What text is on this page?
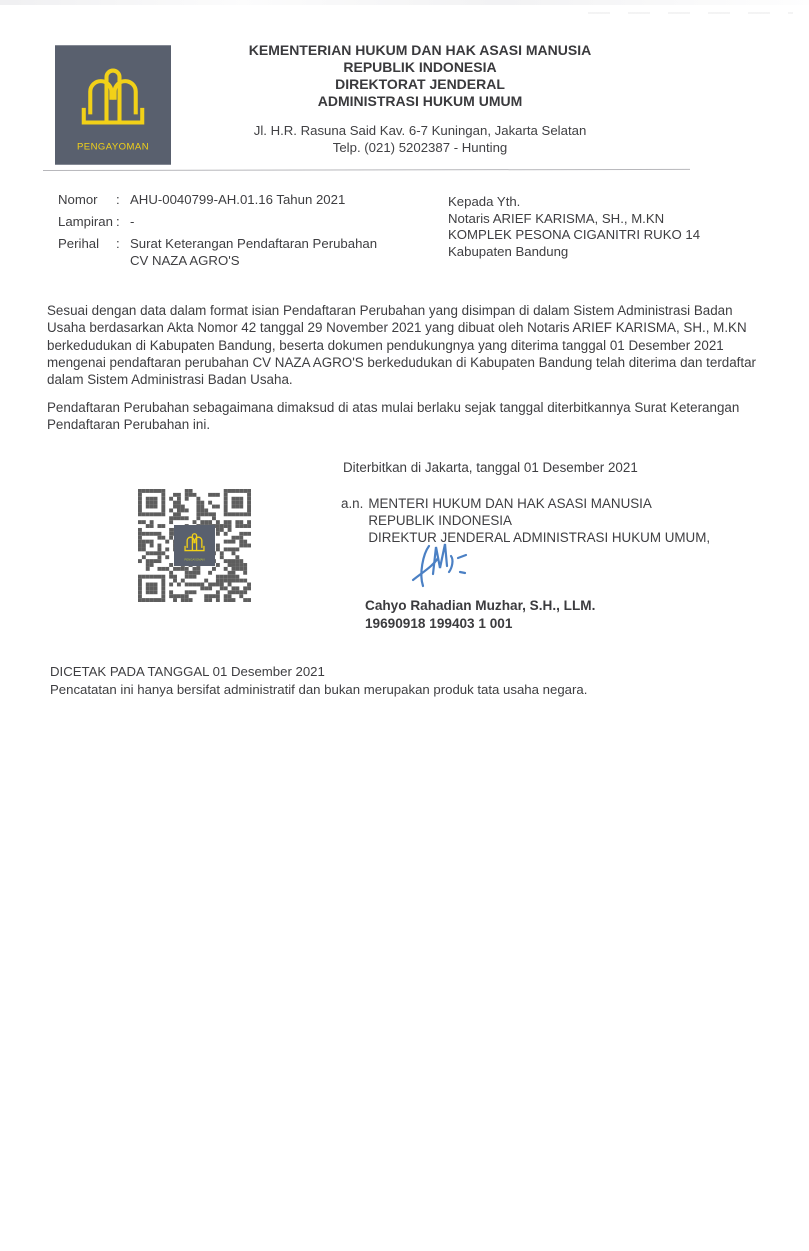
PENGAYOMAN
KEMENTERIAN HUKUM DAN HAK ASASI MANUSIA
REPUBLIK INDONESIA
DIREKTORAT JENDERAL
ADMINISTRASI HUKUM UMUM
Jl. H.R. Rasuna Said Kav. 6-7 Kuningan, Jakarta Selatan
Telp. (021) 5202387 - Hunting
Nomor	: AHU-0040799-AH.01.16 Tahun 2021
Lampiran : -
Perihal	: Surat Keterangan Pendaftaran Perubahan
CV NAZA AGRO'S
Kepada Yth.
Notaris ARIEF KARISMA, SH., M.KN
KOMPLEK PESONA CIGANITRI RUKO 14
Kabupaten Bandung
Sesuai dengan data dalam format isian Pendaftaran Perubahan yang disimpan di dalam Sistem Administrasi Badan Usaha berdasarkan Akta Nomor 42 tanggal 29 November 2021 yang dibuat oleh Notaris ARIEF KARISMA, SH., M.KN berkedudukan di Kabupaten Bandung, beserta dokumen pendukungnya yang diterima tanggal 01 Desember 2021 mengenai pendaftaran perubahan CV NAZA AGRO'S berkedudukan di Kabupaten Bandung telah diterima dan terdaftar dalam Sistem Administrasi Badan Usaha.
Pendaftaran Perubahan sebagaimana dimaksud di atas mulai berlaku sejak tanggal diterbitkannya Surat Keterangan Pendaftaran Perubahan ini.
Diterbitkan di Jakarta, tanggal 01 Desember 2021
PENGAYOMAN
a.n. MENTERI HUKUM DAN HAK ASASI MANUSIA
REPUBLIK INDONESIA
DIREKTUR JENDERAL ADMINISTRASI HUKUM UMUM,
Cahyo Rahadian Muzhar, S.H., LLM.
19690918 199403 1 001
DICETAK PADA TANGGAL 01 Desember 2021
Pencatatan ini hanya bersifat administratif dan bukan merupakan produk tata usaha negara.
